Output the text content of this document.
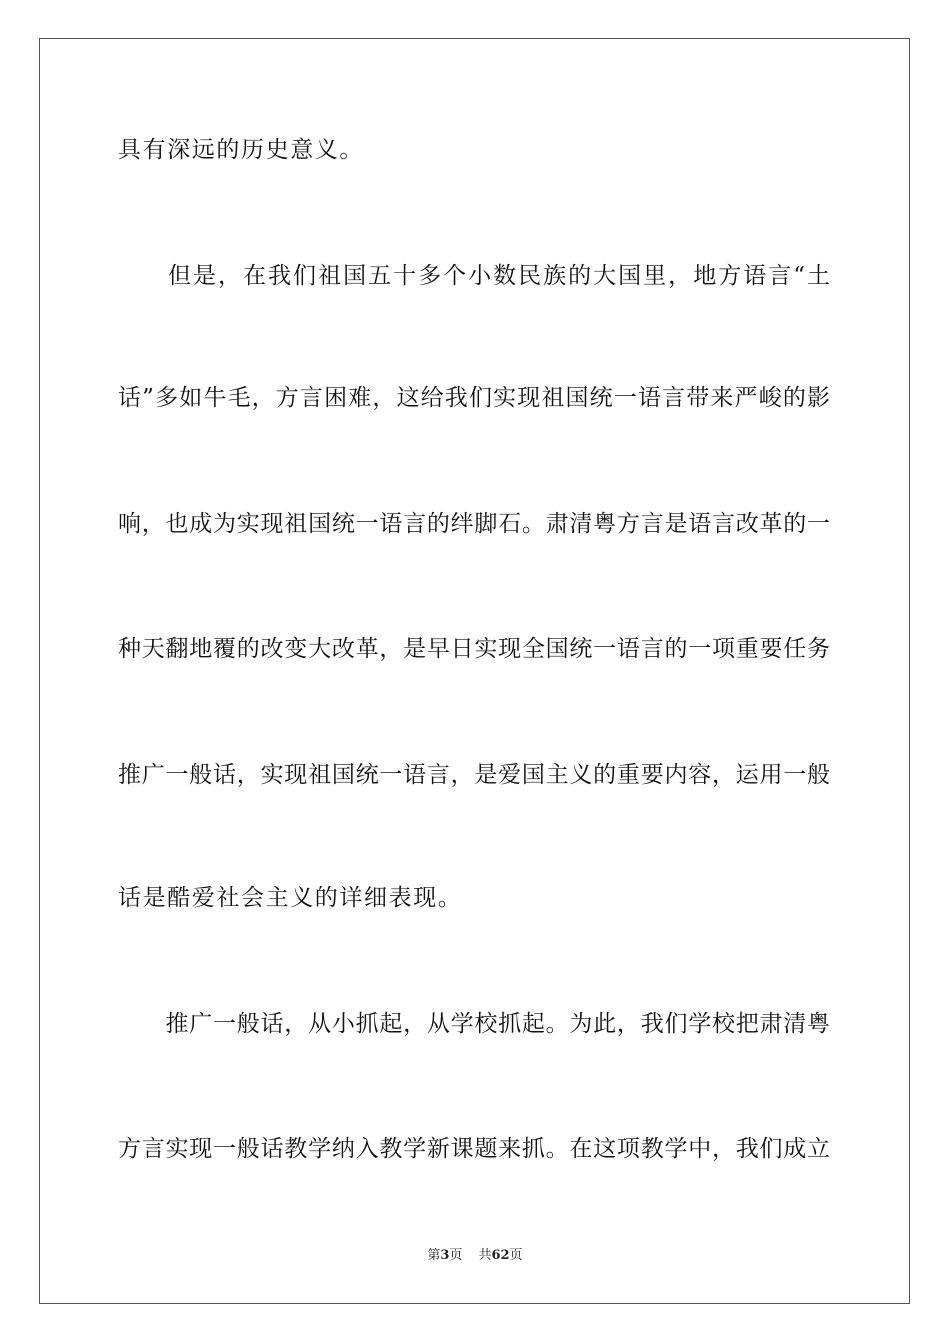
具有深远的历史意义。
　　但是，在我们祖国五十多个小数民族的大国里，地方语言“土
话”多如牛毛，方言困难，这给我们实现祖国统一语言带来严峻的影
响，也成为实现祖国统一语言的绊脚石。肃清粤方言是语言改革的一
种天翻地覆的改变大改革，是早日实现全国统一语言的一项重要任务
推广一般话，实现祖国统一语言，是爱国主义的重要内容，运用一般
话是酷爱社会主义的详细表现。
　　推广一般话，从小抓起，从学校抓起。为此，我们学校把肃清粤
方言实现一般话教学纳入教学新课题来抓。在这项教学中，我们成立
第3页 共62页
